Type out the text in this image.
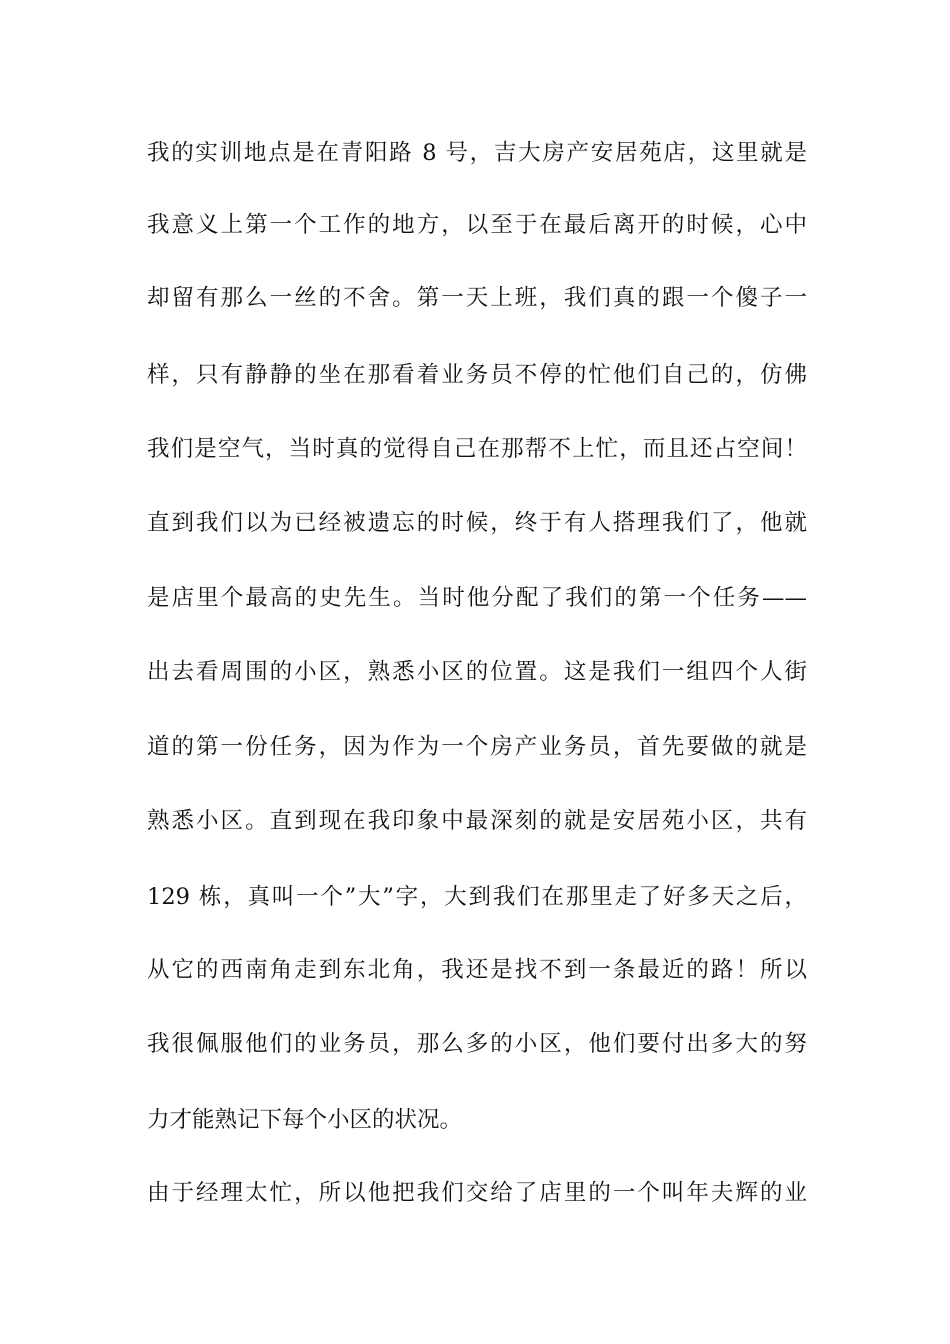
我的实训地点是在青阳路 8 号，吉大房产安居苑店，这里就是
我意义上第一个工作的地方，以至于在最后离开的时候，心中
却留有那么一丝的不舍。第一天上班，我们真的跟一个傻子一
样，只有静静的坐在那看着业务员不停的忙他们自己的，仿佛
我们是空气，当时真的觉得自己在那帮不上忙，而且还占空间！
直到我们以为已经被遗忘的时候，终于有人搭理我们了，他就
是店里个最高的史先生。当时他分配了我们的第一个任务——
出去看周围的小区，熟悉小区的位置。这是我们一组四个人街
道的第一份任务，因为作为一个房产业务员，首先要做的就是
熟悉小区。直到现在我印象中最深刻的就是安居苑小区，共有
129 栋，真叫一个”大”字，大到我们在那里走了好多天之后，
从它的西南角走到东北角，我还是找不到一条最近的路！所以
我很佩服他们的业务员，那么多的小区，他们要付出多大的努
力才能熟记下每个小区的状况。
由于经理太忙，所以他把我们交给了店里的一个叫年夫辉的业
